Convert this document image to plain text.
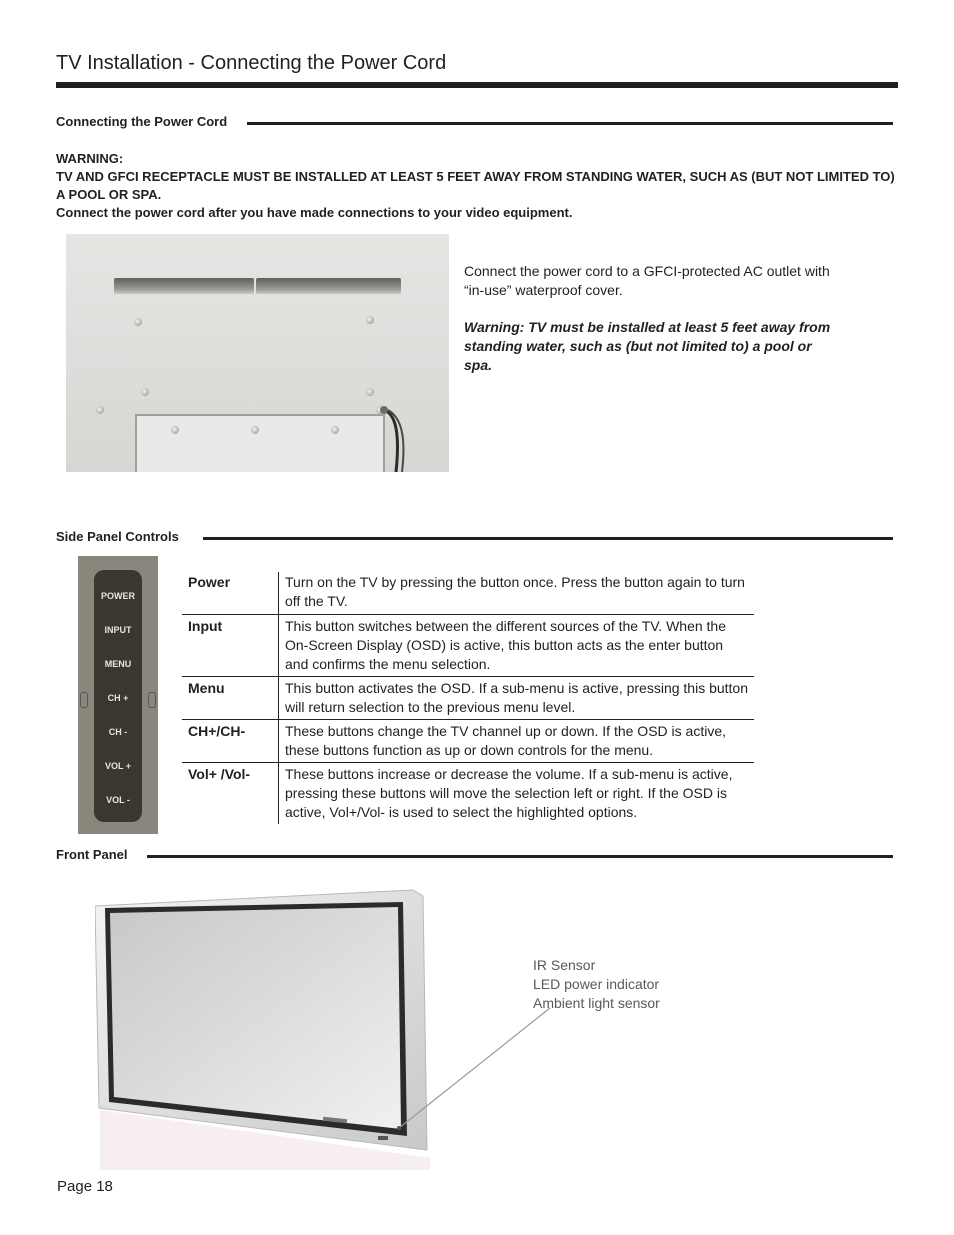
TV Installation - Connecting the Power Cord
Connecting the Power Cord
WARNING:
TV AND GFCI RECEPTACLE MUST BE INSTALLED AT LEAST 5 FEET AWAY FROM STANDING WATER, SUCH AS (BUT NOT LIMITED TO) A POOL OR SPA.
Connect the power cord after you have made connections to your video equipment.
Connect the power cord to a GFCI-protected AC outlet with “in-use” waterproof cover.
Warning: TV must be installed at least 5 feet away from standing water, such as (but not limited to) a pool or spa.
Side Panel Controls
POWER
INPUT
MENU
CH +
CH -
VOL +
VOL -
Power	Turn on the TV by pressing the button once. Press the button again to turn off the TV.
Input	This button switches between the different sources of the TV. When the On-Screen Display (OSD) is active, this button acts as the enter button and confirms the menu selection.
Menu	This button activates the OSD. If a sub-menu is active, pressing this button will return selection to the previous menu level.
CH+/CH-	These buttons change the TV channel up or down. If the OSD is active, these buttons function as up or down controls for the menu.
Vol+ /Vol-	These buttons increase or decrease the volume. If a sub-menu is active, pressing these buttons will move the selection left or right. If the OSD is active, Vol+/Vol- is used to select the highlighted options.
Front Panel
IR Sensor
LED power indicator
Ambient light sensor
Page 18
